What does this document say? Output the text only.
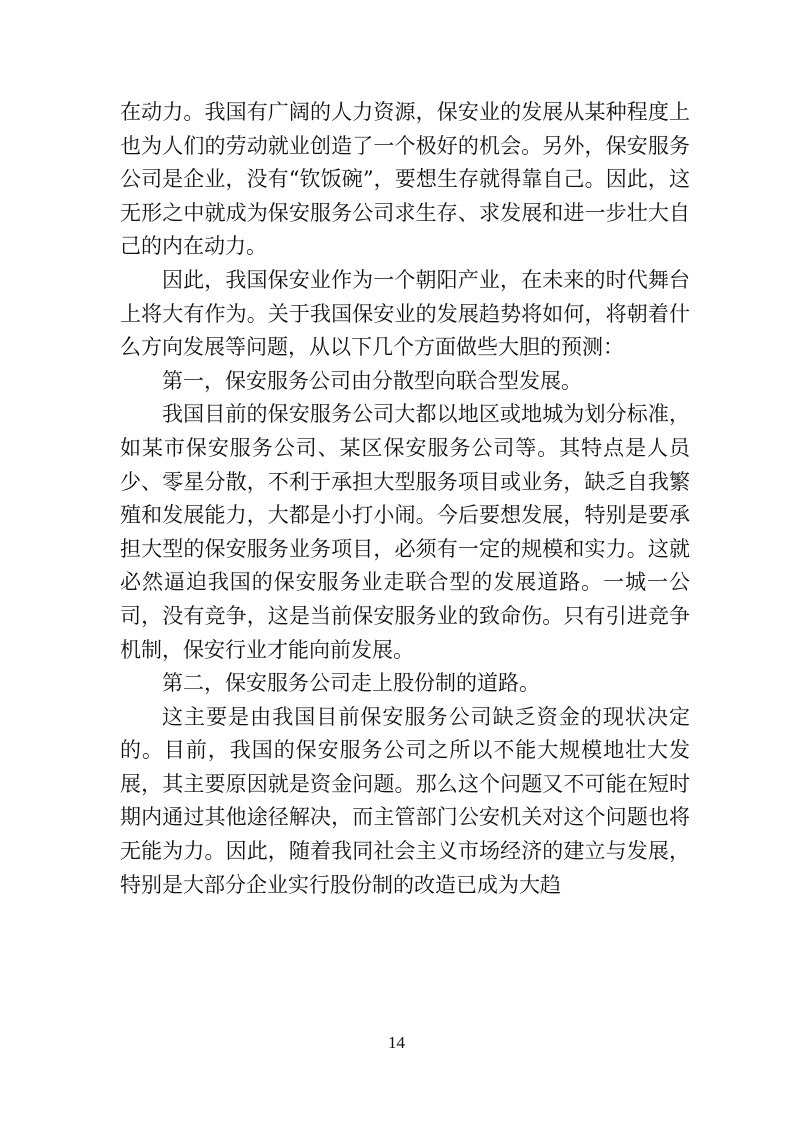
在动力。我国有广阔的人力资源，保安业的发展从某种程度上也为人们的劳动就业创造了一个极好的机会。另外，保安服务公司是企业，没有“钦饭碗”，要想生存就得靠自己。因此，这无形之中就成为保安服务公司求生存、求发展和进一步壮大自己的内在动力。

因此，我国保安业作为一个朝阳产业，在未来的时代舞台上将大有作为。关于我国保安业的发展趋势将如何，将朝着什么方向发展等问题，从以下几个方面做些大胆的预测：

第一，保安服务公司由分散型向联合型发展。

我国目前的保安服务公司大都以地区或地城为划分标准，如某市保安服务公司、某区保安服务公司等。其特点是人员少、零星分散，不利于承担大型服务项目或业务，缺乏自我繁殖和发展能力，大都是小打小闹。今后要想发展，特别是要承担大型的保安服务业务项目，必须有一定的规模和实力。这就必然逼迫我国的保安服务业走联合型的发展道路。一城一公司，没有竞争，这是当前保安服务业的致命伤。只有引进竞争机制，保安行业才能向前发展。

第二，保安服务公司走上股份制的道路。

这主要是由我国目前保安服务公司缺乏资金的现状决定的。目前，我国的保安服务公司之所以不能大规模地壮大发展，其主要原因就是资金问题。那么这个问题又不可能在短时期内通过其他途径解决，而主管部门公安机关对这个问题也将无能为力。因此，随着我同社会主义市场经济的建立与发展，特别是大部分企业实行股份制的改造已成为大趋

14
